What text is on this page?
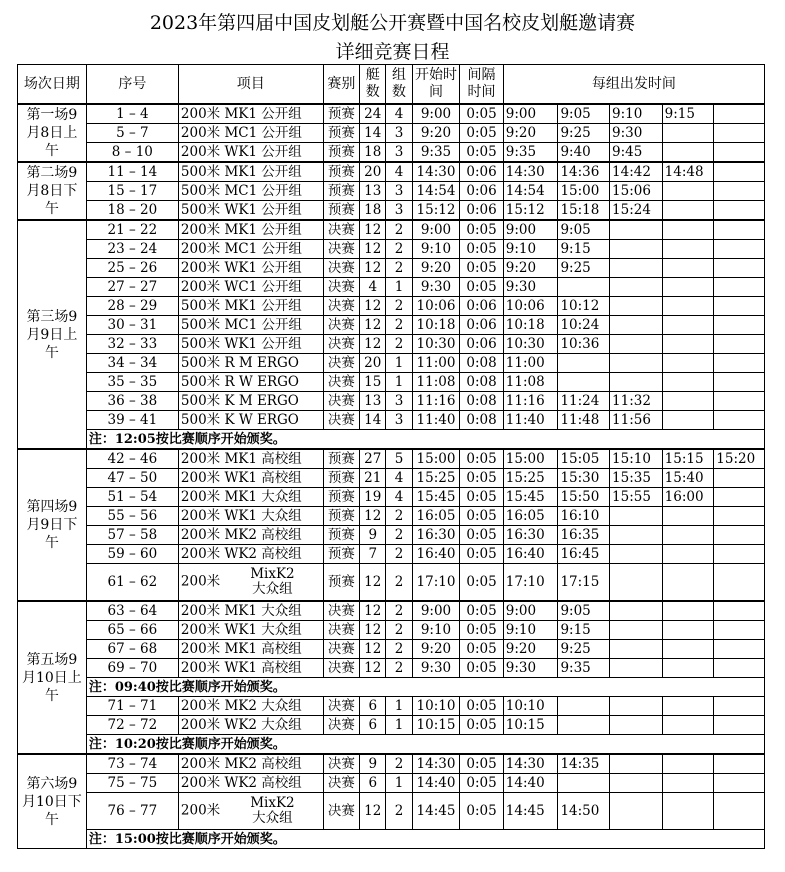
2023年第四届中国皮划艇公开赛暨中国名校皮划艇邀请赛
详细竞赛日程
场次日期	序号	项目	赛别	艇数	组数	开始时间	间隔时间	每组出发时间				
第一场9月8日上午	1 – 4	200米 MK1 公开组	预赛	24	4	9:00	0:05	9:00	9:05	9:10	9:15	
	5 – 7	200米 MC1 公开组	预赛	14	3	9:20	0:05	9:20	9:25	9:30		
	8 – 10	200米 WK1 公开组	预赛	18	3	9:35	0:05	9:35	9:40	9:45		
第二场9月8日下午	11 – 14	500米 MK1 公开组	预赛	20	4	14:30	0:06	14:30	14:36	14:42	14:48	
	15 – 17	500米 MC1 公开组	预赛	13	3	14:54	0:06	14:54	15:00	15:06		
	18 – 20	500米 WK1 公开组	预赛	18	3	15:12	0:06	15:12	15:18	15:24		
第三场9月9日上午	21 – 22	200米 MK1 公开组	决赛	12	2	9:00	0:05	9:00	9:05			
	23 – 24	200米 MC1 公开组	决赛	12	2	9:10	0:05	9:10	9:15			
	25 – 26	200米 WK1 公开组	决赛	12	2	9:20	0:05	9:20	9:25			
	27 – 27	200米 WC1 公开组	决赛	4	1	9:30	0:05	9:30				
	28 – 29	500米 MK1 公开组	决赛	12	2	10:06	0:06	10:06	10:12			
	30 – 31	500米 MC1 公开组	决赛	12	2	10:18	0:06	10:18	10:24			
	32 – 33	500米 WK1 公开组	决赛	12	2	10:30	0:06	10:30	10:36			
	34 – 34	500米 R M ERGO	决赛	20	1	11:00	0:08	11:00				
	35 – 35	500米 R W ERGO	决赛	15	1	11:08	0:08	11:08				
	36 – 38	500米 K M ERGO	决赛	13	3	11:16	0:08	11:16	11:24	11:32		
	39 – 41	500米 K W ERGO	决赛	14	3	11:40	0:08	11:40	11:48	11:56		
	注：12:05按比赛顺序开始颁奖。											
第四场9月9日下午	42 – 46	200米 MK1 高校组	预赛	27	5	15:00	0:05	15:00	15:05	15:10	15:15	15:20
	47 – 50	200米 WK1 高校组	预赛	21	4	15:25	0:05	15:25	15:30	15:35	15:40	
	51 – 54	200米 MK1 大众组	预赛	19	4	15:45	0:05	15:45	15:50	15:55	16:00	
	55 – 56	200米 WK1 大众组	预赛	12	2	16:05	0:05	16:05	16:10			
	57 – 58	200米 MK2 高校组	预赛	9	2	16:30	0:05	16:30	16:35			
	59 – 60	200米 WK2 高校组	预赛	7	2	16:40	0:05	16:40	16:45			
	61 – 62	200米 MixK2
大众组	预赛	12	2	17:10	0:05	17:10	17:15			
第五场9月10日上午	63 – 64	200米 MK1 大众组	决赛	12	2	9:00	0:05	9:00	9:05			
	65 – 66	200米 WK1 大众组	决赛	12	2	9:10	0:05	9:10	9:15			
	67 – 68	200米 MK1 高校组	决赛	12	2	9:20	0:05	9:20	9:25			
	69 – 70	200米 WK1 高校组	决赛	12	2	9:30	0:05	9:30	9:35			
	注：09:40按比赛顺序开始颁奖。											
	71 – 71	200米 MK2 大众组	决赛	6	1	10:10	0:05	10:10				
	72 – 72	200米 WK2 大众组	决赛	6	1	10:15	0:05	10:15				
	注：10:20按比赛顺序开始颁奖。											
第六场9月10日下午	73 – 74	200米 MK2 高校组	决赛	9	2	14:30	0:05	14:30	14:35			
	75 – 75	200米 WK2 高校组	决赛	6	1	14:40	0:05	14:40				
	76 – 77	200米 MixK2
大众组	决赛	12	2	14:45	0:05	14:45	14:50			
	注：15:00按比赛顺序开始颁奖。											
